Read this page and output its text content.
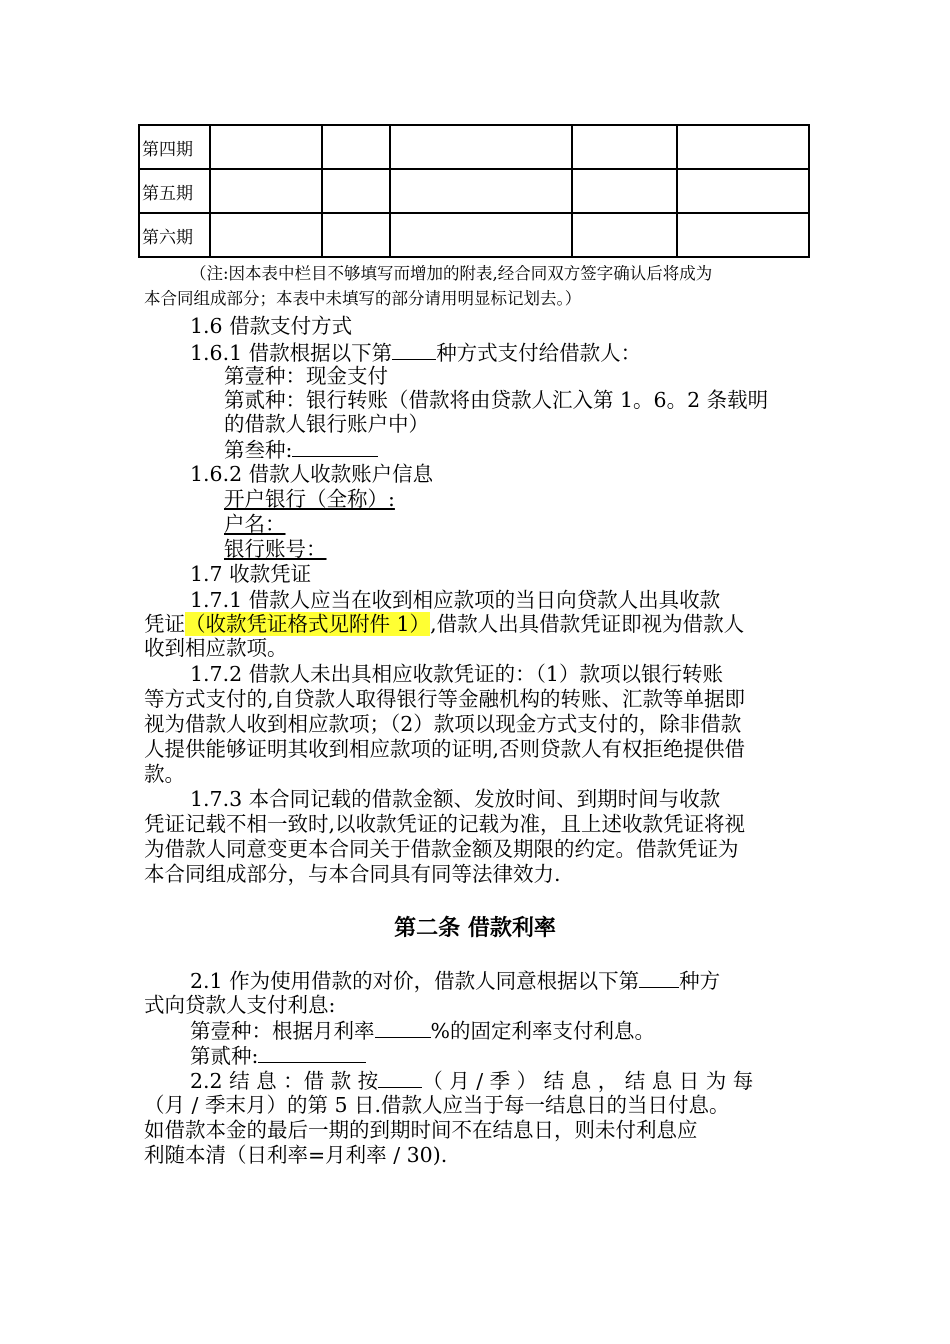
第四期					
第五期					
第六期					
（注:因本表中栏目不够填写而增加的附表,经合同双方签字确认后将成为
本合同组成部分；本表中未填写的部分请用明显标记划去。）
1.6 借款支付方式
1.6.1 借款根据以下第 种方式支付给借款人：
第壹种：现金支付
第贰种：银行转账（借款将由贷款人汇入第 1。6。2 条载明
的借款人银行账户中）
第叁种:
1.6.2 借款人收款账户信息
开户银行（全称）:
户名：
银行账号：
1.7 收款凭证
1.7.1 借款人应当在收到相应款项的当日向贷款人出具收款
凭证（收款凭证格式见附件 1）,借款人出具借款凭证即视为借款人
收到相应款项。
1.7.2 借款人未出具相应收款凭证的：（1）款项以银行转账
等方式支付的,自贷款人取得银行等金融机构的转账、汇款等单据即
视为借款人收到相应款项；（2）款项以现金方式支付的，除非借款
人提供能够证明其收到相应款项的证明,否则贷款人有权拒绝提供借
款。
1.7.3 本合同记载的借款金额、发放时间、到期时间与收款
凭证记载不相一致时,以收款凭证的记载为准，且上述收款凭证将视
为借款人同意变更本合同关于借款金额及期限的约定。借款凭证为
本合同组成部分，与本合同具有同等法律效力.
第二条 借款利率
2.1 作为使用借款的对价，借款人同意根据以下第 种方
式向贷款人支付利息:
第壹种：根据月利率	%的固定利率支付利息。
第贰种:
2.2 结 息 ：借 款 按 （ 月 / 季 ） 结 息 ， 结 息 日 为 每
（月 / 季末月）的第 5 日.借款人应当于每一结息日的当日付息。
如借款本金的最后一期的到期时间不在结息日，则未付利息应
利随本清（日利率=月利率 / 30).
